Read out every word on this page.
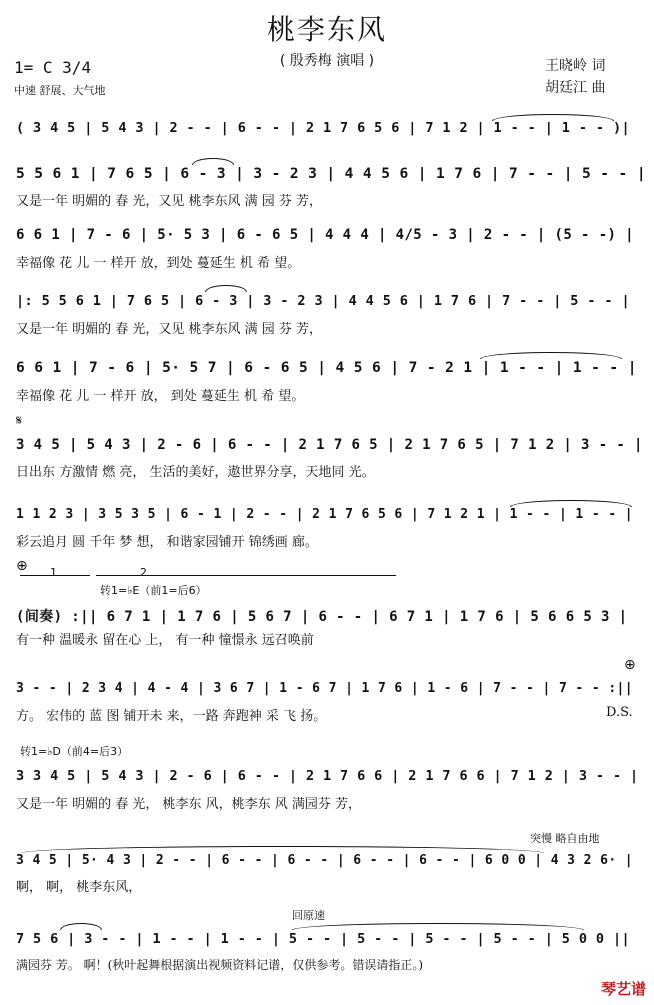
桃李东风
( 殷秀梅 演唱 )
1= C 3/4
中速 舒展、大气地
王晓岭 词
胡廷江 曲
( 3 4 5 | 5 4 3 | 2 - - | 6 - - | 2 1 7 6 5 6 | 7 1 2 | 1 - - | 1 - - )|
5 5 6 1 | 7 6 5 | 6 - 3 | 3 - 2 3 | 4 4 5 6 | 1 7 6 | 7 - - | 5 - - |
又是一年 明媚的 春 光，又见 桃李东风 满 园 芬 芳，
6 6 1 | 7 - 6 | 5· 5 3 | 6 - 6 5 | 4 4 4 | 4/5 - 3 | 2 - - | (5 - -) |
幸福像 花 儿 一 样开 放，到处 蔓延生 机 希 望。
|: 5 5 6 1 | 7 6 5 | 6 - 3 | 3 - 2 3 | 4 4 5 6 | 1 7 6 | 7 - - | 5 - - |
又是一年 明媚的 春 光，又见 桃李东风 满 园 芬 芳，
6 6 1 | 7 - 6 | 5· 5 7 | 6 - 6 5 | 4 5 6 | 7 - 2 1 | 1 - - | 1 - - |
幸福像 花 儿 一 样开 放， 到处 蔓延生 机 希 望。
𝄋
3 4 5 | 5 4 3 | 2 - 6 | 6 - - | 2 1 7 6 5 | 2 1 7 6 5 | 7 1 2 | 3 - - |
日出东 方激情 燃 亮， 生活的美好，遨世界分享，天地同 光。
1 1 2 3 | 3 5 3 5 | 6 - 1 | 2 - - | 2 1 7 6 5 6 | 7 1 2 1 | 1 - - | 1 - - |
彩云追月 圆 千年 梦 想， 和谐家园铺开 锦绣画 廊。
⊕ 1	2
转1=♭E（前1=后6）
(间奏) :|| 6 7 1 | 1 7 6 | 5 6 7 | 6 - - | 6 7 1 | 1 7 6 | 5 6 6 5 3 |
有一种 温暖永 留在心 上， 有一种 憧憬永 远召唤前
⊕
3 - - | 2 3 4 | 4 - 4 | 3 6 7 | 1 - 6 7 | 1 7 6 | 1 - 6 | 7 - - | 7 - - :||
方。 宏伟的 蓝 图 铺开未 来，一路 奔跑神 采 飞 扬。	D.S.
转1=♭D（前4=后3）
3 3 4 5 | 5 4 3 | 2 - 6 | 6 - - | 2 1 7 6 6 | 2 1 7 6 6 | 7 1 2 | 3 - - |
又是一年 明媚的 春 光， 桃李东 风，桃李东 风 满园芬 芳，
突慢 略自由地
3 4 5 | 5· 4 3 | 2 - - | 6 - - | 6 - - | 6 - - | 6 - - | 6 0 0 | 4 3 2 6· |
啊， 啊， 桃李东风，
回原速
7 5 6 | 3 - - | 1 - - | 1 - - | 5 - - | 5 - - | 5 - - | 5 - - | 5 0 0 ||
满园芬 芳。 啊！(秋叶起舞根据演出视频资料记谱，仅供参考。错误请指正。)
琴艺谱
